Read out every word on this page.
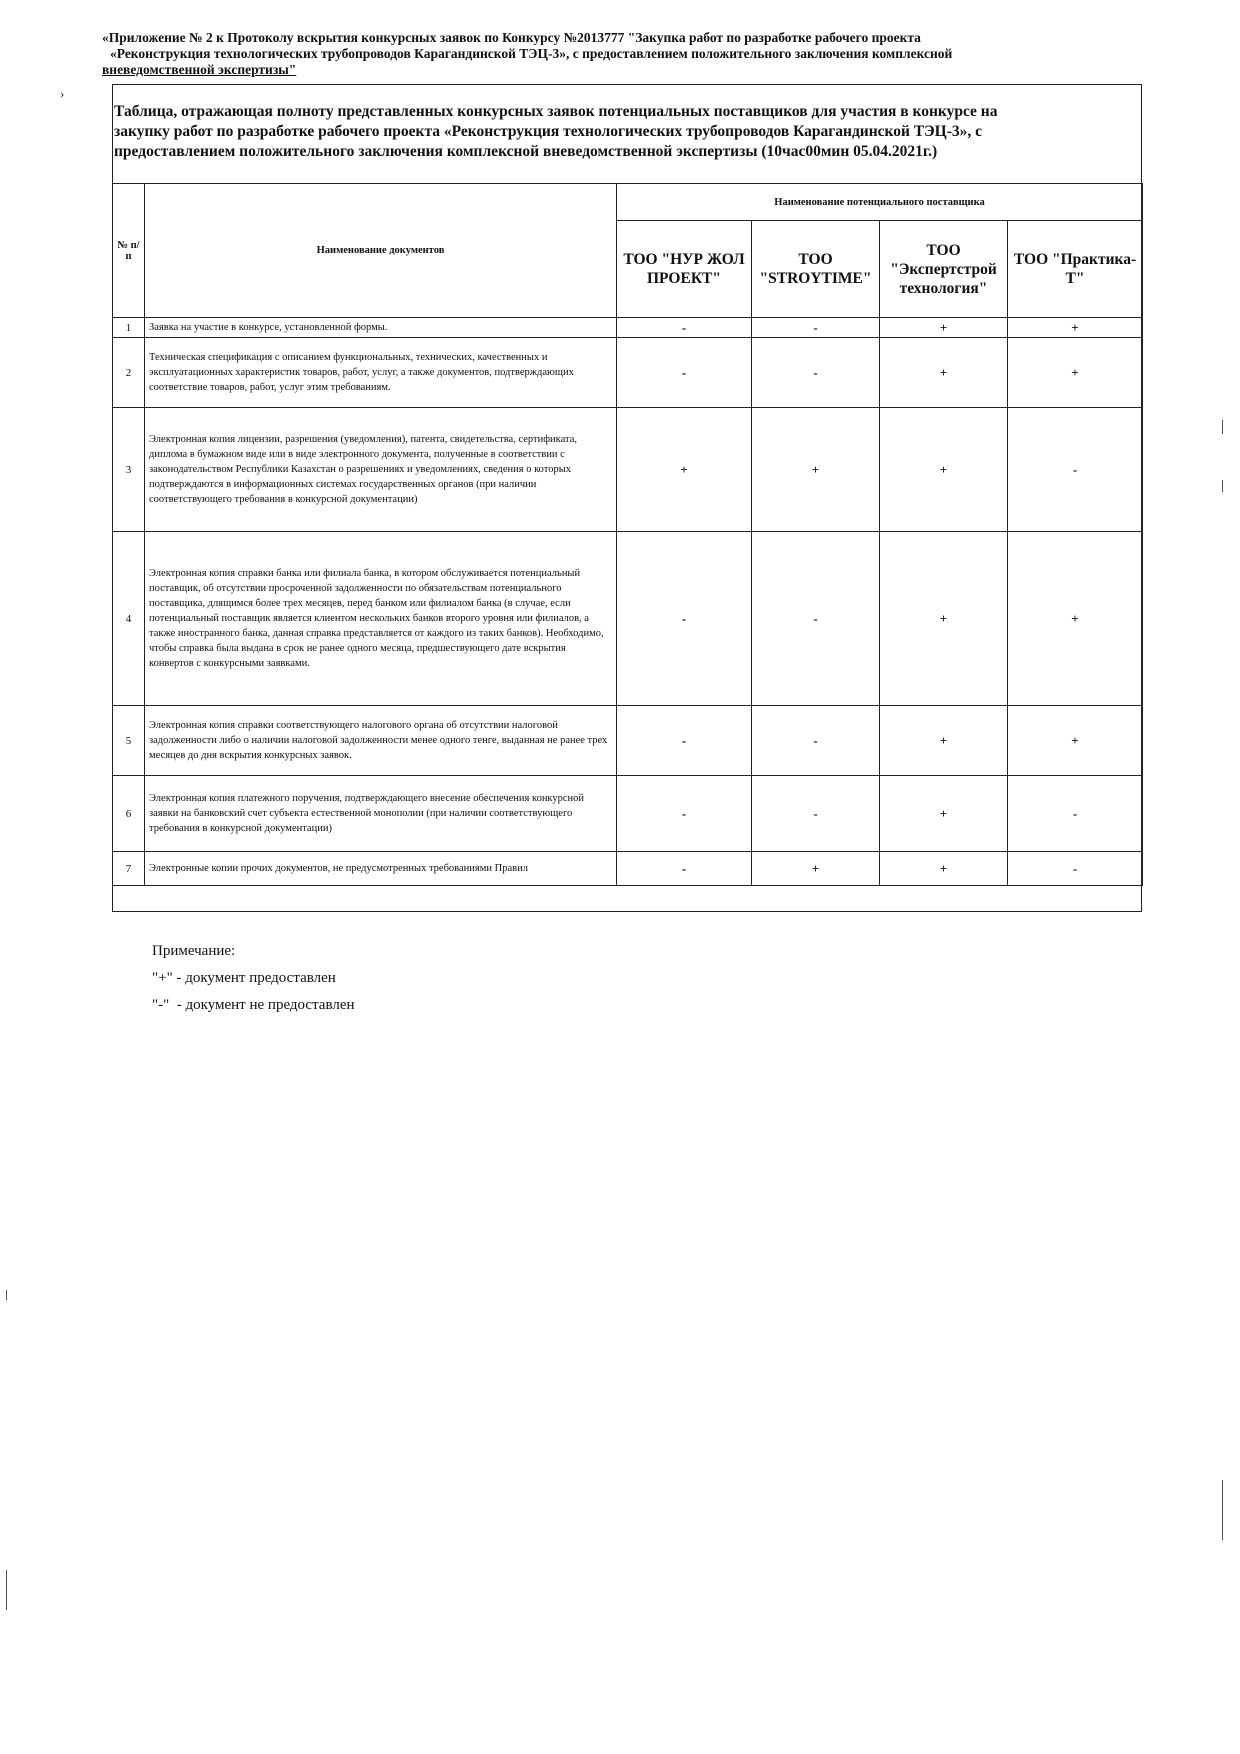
«Приложение № 2 к Протоколу вскрытия конкурсных заявок по Конкурсу №2013777 "Закупка работ по разработке рабочего проекта
«Реконструкция технологических трубопроводов Карагандинской ТЭЦ-3», с предоставлением положительного заключения комплексной
вневедомственной экспертизы"
›
Таблица, отражающая полноту представленных конкурсных заявок потенциальных поставщиков для участия в конкурсе на
закупку работ по разработке рабочего проекта «Реконструкция технологических трубопроводов Карагандинской ТЭЦ-3», с
предоставлением положительного заключения комплексной вневедомственной экспертизы (10час00мин 05.04.2021г.)
№ п/п	Наименование документов	Наименование потенциального поставщика			
		ТОО "НУР ЖОЛ ПРОЕКТ"	ТОО "STROYTIME"	ТОО "Экспертстрой технология"	ТОО "Практика-Т"
1	Заявка на участие в конкурсе, установленной формы.	-	-	+	+
2	Техническая спецификация с описанием функциональных, технических, качественных и эксплуатационных характеристик товаров, работ, услуг, а также документов, подтверждающих соответствие товаров, работ, услуг этим требованиям.	-	-	+	+
3	Электронная копия лицензии, разрешения (уведомления), патента, свидетельства, сертификата, диплома в бумажном виде или в виде электронного документа, полученные в соответствии с законодательством Республики Казахстан о разрешениях и уведомлениях, сведения о которых подтверждаются в информационных системах государственных органов (при наличии соответствующего требования в конкурсной документации)	+	+	+	-
4	Электронная копия справки банка или филиала банка, в котором обслуживается потенциальный поставщик, об отсутствии просроченной задолженности по обязательствам потенциального поставщика, длящимся более трех месяцев, перед банком или филиалом банка (в случае, если потенциальный поставщик является клиентом нескольких банков второго уровня или филиалов, а также иностранного банка, данная справка представляется от каждого из таких банков). Необходимо, чтобы справка была выдана в срок не ранее одного месяца, предшествующего дате вскрытия конвертов с конкурсными заявками.	-	-	+	+
5	Электронная копия справки соответствующего налогового органа об отсутствии налоговой задолженности либо о наличии налоговой задолженности менее одного тенге, выданная не ранее трех месяцев до дня вскрытия конкурсных заявок.	-	-	+	+
6	Электронная копия платежного поручения, подтверждающего внесение обеспечения конкурсной заявки на банковский счет субъекта естественной монополии (при наличии соответствующего требования в конкурсной документации)	-	-	+	-
7	Электронные копии прочих документов, не предусмотренных требованиями Правил	-	+	+	-
Примечание:
"+" - документ предоставлен
"-"  - документ не предоставлен
